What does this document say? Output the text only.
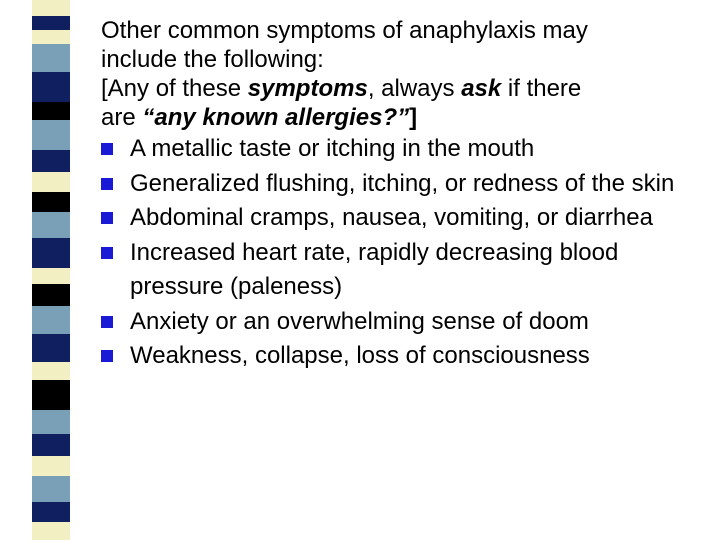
Other common symptoms of anaphylaxis may

include the following:

[Any of these symptoms, always ask if there

are “any known allergies?”]

A metallic taste or itching in the mouth
Generalized flushing, itching, or redness of the skin
Abdominal cramps, nausea, vomiting, or diarrhea
Increased heart rate, rapidly decreasing blood pressure (paleness)
Anxiety or an overwhelming sense of doom
Weakness, collapse, loss of consciousness
